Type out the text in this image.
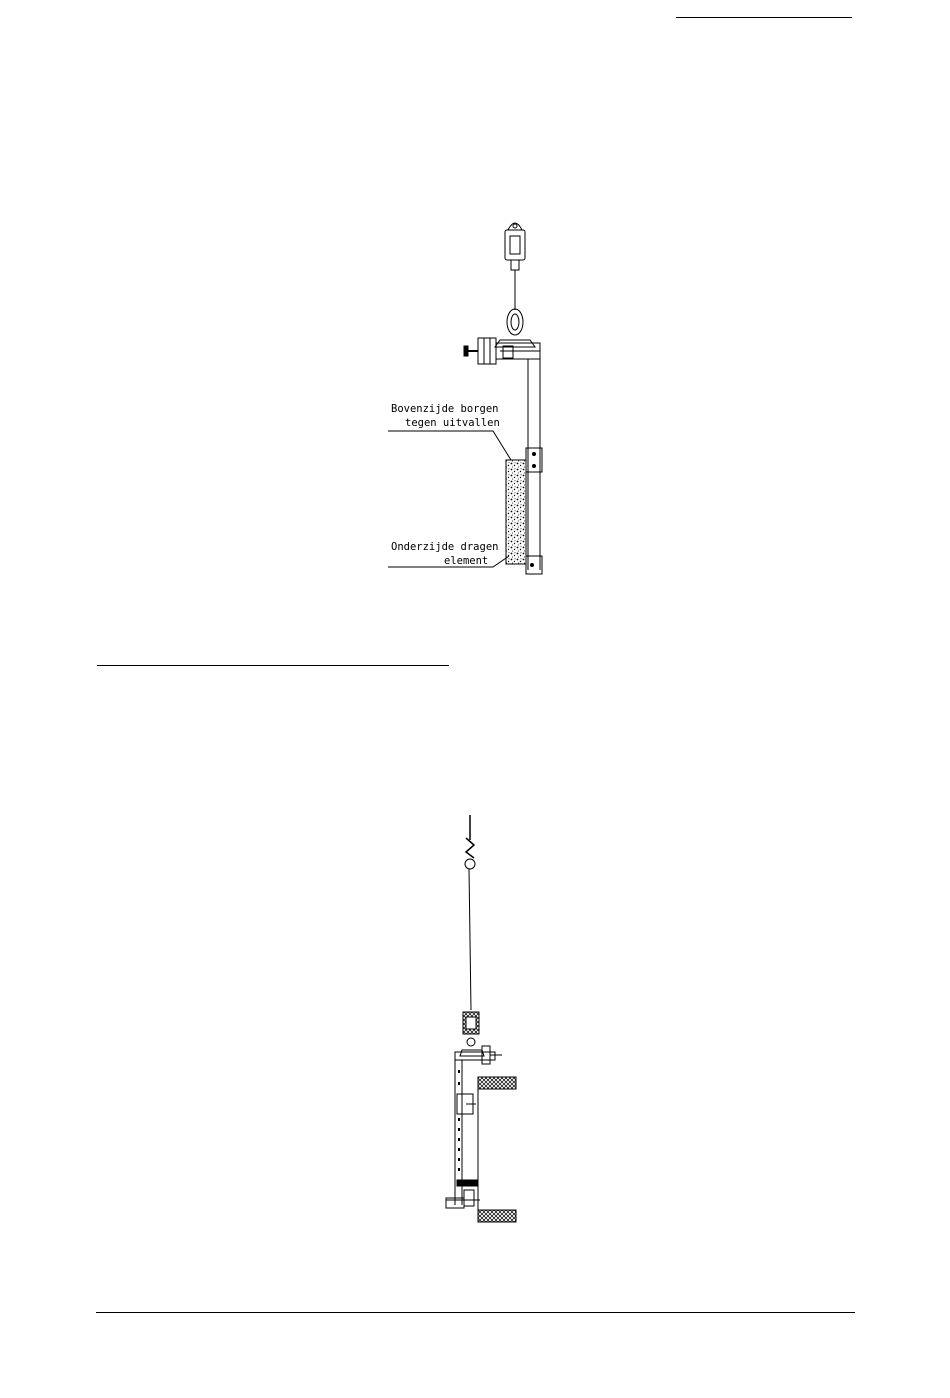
Bovenzijde borgen
tegen uitvallen
Onderzijde dragen
element
